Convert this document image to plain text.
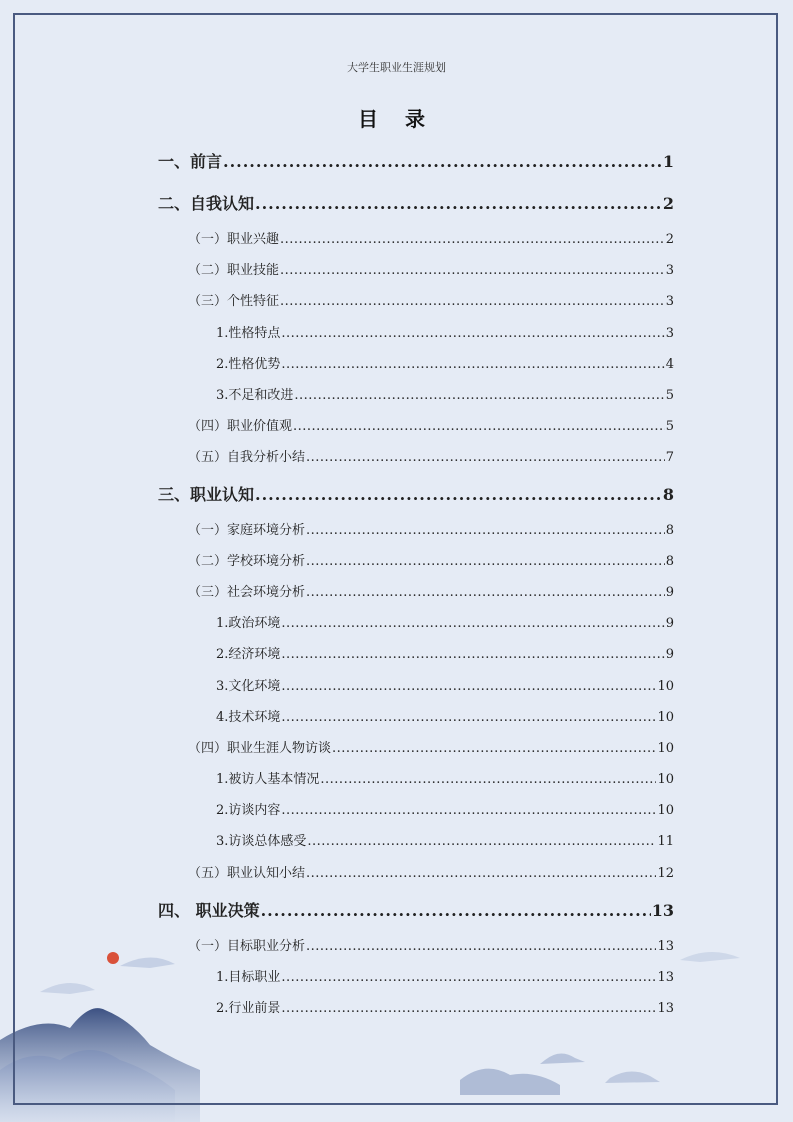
大学生职业生涯规划
目 录
一、前言 .....	1
二、自我认知 .....	2
（一）职业兴趣 .....	2
（二）职业技能 .....	3
（三）个性特征 .....	3
1.性格特点 .....	3
2.性格优势 .....	4
3.不足和改进 .....	5
（四）职业价值观 .....	5
（五）自我分析小结 .....	7
三、职业认知 .....	8
（一）家庭环境分析 .....	8
（二）学校环境分析 .....	8
（三）社会环境分析 .....	9
1.政治环境 .....	9
2.经济环境 .....	9
3.文化环境 .....	10
4.技术环境 .....	10
（四）职业生涯人物访谈 .....	10
1.被访人基本情况 .....	10
2.访谈内容 .....	10
3.访谈总体感受 .....	11
（五）职业认知小结 .....	12
四、 职业决策 .....	13
（一）目标职业分析 .....	13
1.目标职业 .....	13
2.行业前景 .....	13
